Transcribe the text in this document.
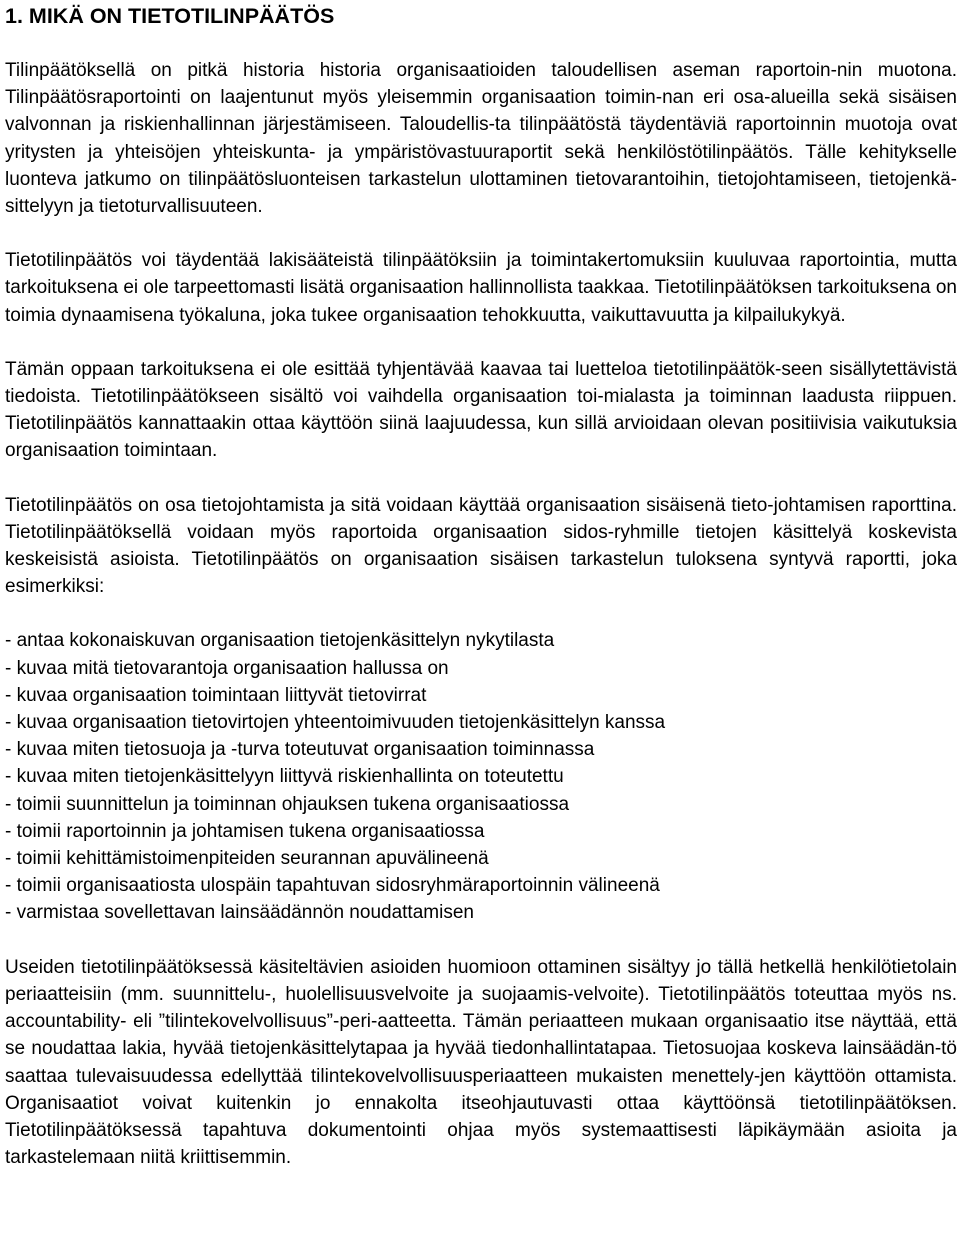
1. MIKÄ ON TIETOTILINPÄÄTÖS

Tilinpäätöksellä on pitkä historia historia organisaatioiden taloudellisen aseman raportoin-nin muotona. Tilinpäätösraportointi on laajentunut myös yleisemmin organisaation toimin-nan eri osa-alueilla sekä sisäisen valvonnan ja riskienhallinnan järjestämiseen. Taloudellis-ta tilinpäätöstä täydentäviä raportoinnin muotoja ovat yritysten ja yhteisöjen yhteiskunta- ja ympäristövastuuraportit sekä henkilöstötilinpäätös. Tälle kehitykselle luonteva jatkumo on tilinpäätösluonteisen tarkastelun ulottaminen tietovarantoihin, tietojohtamiseen, tietojenkä-sittelyyn ja tietoturvallisuuteen.

Tietotilinpäätös voi täydentää lakisääteistä tilinpäätöksiin ja toimintakertomuksiin kuuluvaa raportointia, mutta tarkoituksena ei ole tarpeettomasti lisätä organisaation hallinnollista taakkaa. Tietotilinpäätöksen tarkoituksena on toimia dynaamisena työkaluna, joka tukee organisaation tehokkuutta, vaikuttavuutta ja kilpailukykyä.

Tämän oppaan tarkoituksena ei ole esittää tyhjentävää kaavaa tai luetteloa tietotilinpäätök-seen sisällytettävistä tiedoista. Tietotilinpäätökseen sisältö voi vaihdella organisaation toi-mialasta ja toiminnan laadusta riippuen. Tietotilinpäätös kannattaakin ottaa käyttöön siinä laajuudessa, kun sillä arvioidaan olevan positiivisia vaikutuksia organisaation toimintaan.

Tietotilinpäätös on osa tietojohtamista ja sitä voidaan käyttää organisaation sisäisenä tieto-johtamisen raporttina. Tietotilinpäätöksellä voidaan myös raportoida organisaation sidos-ryhmille tietojen käsittelyä koskevista keskeisistä asioista. Tietotilinpäätös on organisaation sisäisen tarkastelun tuloksena syntyvä raportti, joka esimerkiksi:

- antaa kokonaiskuvan organisaation tietojenkäsittelyn nykytilasta
- kuvaa mitä tietovarantoja organisaation hallussa on
- kuvaa organisaation toimintaan liittyvät tietovirrat
- kuvaa organisaation tietovirtojen yhteentoimivuuden tietojenkäsittelyn kanssa
- kuvaa miten tietosuoja ja -turva toteutuvat organisaation toiminnassa
- kuvaa miten tietojenkäsittelyyn liittyvä riskienhallinta on toteutettu
- toimii suunnittelun ja toiminnan ohjauksen tukena organisaatiossa
- toimii raportoinnin ja johtamisen tukena organisaatiossa
- toimii kehittämistoimenpiteiden seurannan apuvälineenä
- toimii organisaatiosta ulospäin tapahtuvan sidosryhmäraportoinnin välineenä
- varmistaa sovellettavan lainsäädännön noudattamisen

Useiden tietotilinpäätöksessä käsiteltävien asioiden huomioon ottaminen sisältyy jo tällä hetkellä henkilötietolain periaatteisiin (mm. suunnittelu-, huolellisuusvelvoite ja suojaamis-velvoite). Tietotilinpäätös toteuttaa myös ns. accountability- eli ”tilintekovelvollisuus”-peri-aatteetta. Tämän periaatteen mukaan organisaatio itse näyttää, että se noudattaa lakia, hyvää tietojenkäsittelytapaa ja hyvää tiedonhallintatapaa. Tietosuojaa koskeva lainsäädän-tö saattaa tulevaisuudessa edellyttää tilintekovelvollisuusperiaatteen mukaisten menettely-jen käyttöön ottamista. Organisaatiot voivat kuitenkin jo ennakolta itseohjautuvasti ottaa käyttöönsä tietotilinpäätöksen. Tietotilinpäätöksessä tapahtuva dokumentointi ohjaa myös systemaattisesti läpikäymään asioita ja tarkastelemaan niitä kriittisemmin.
